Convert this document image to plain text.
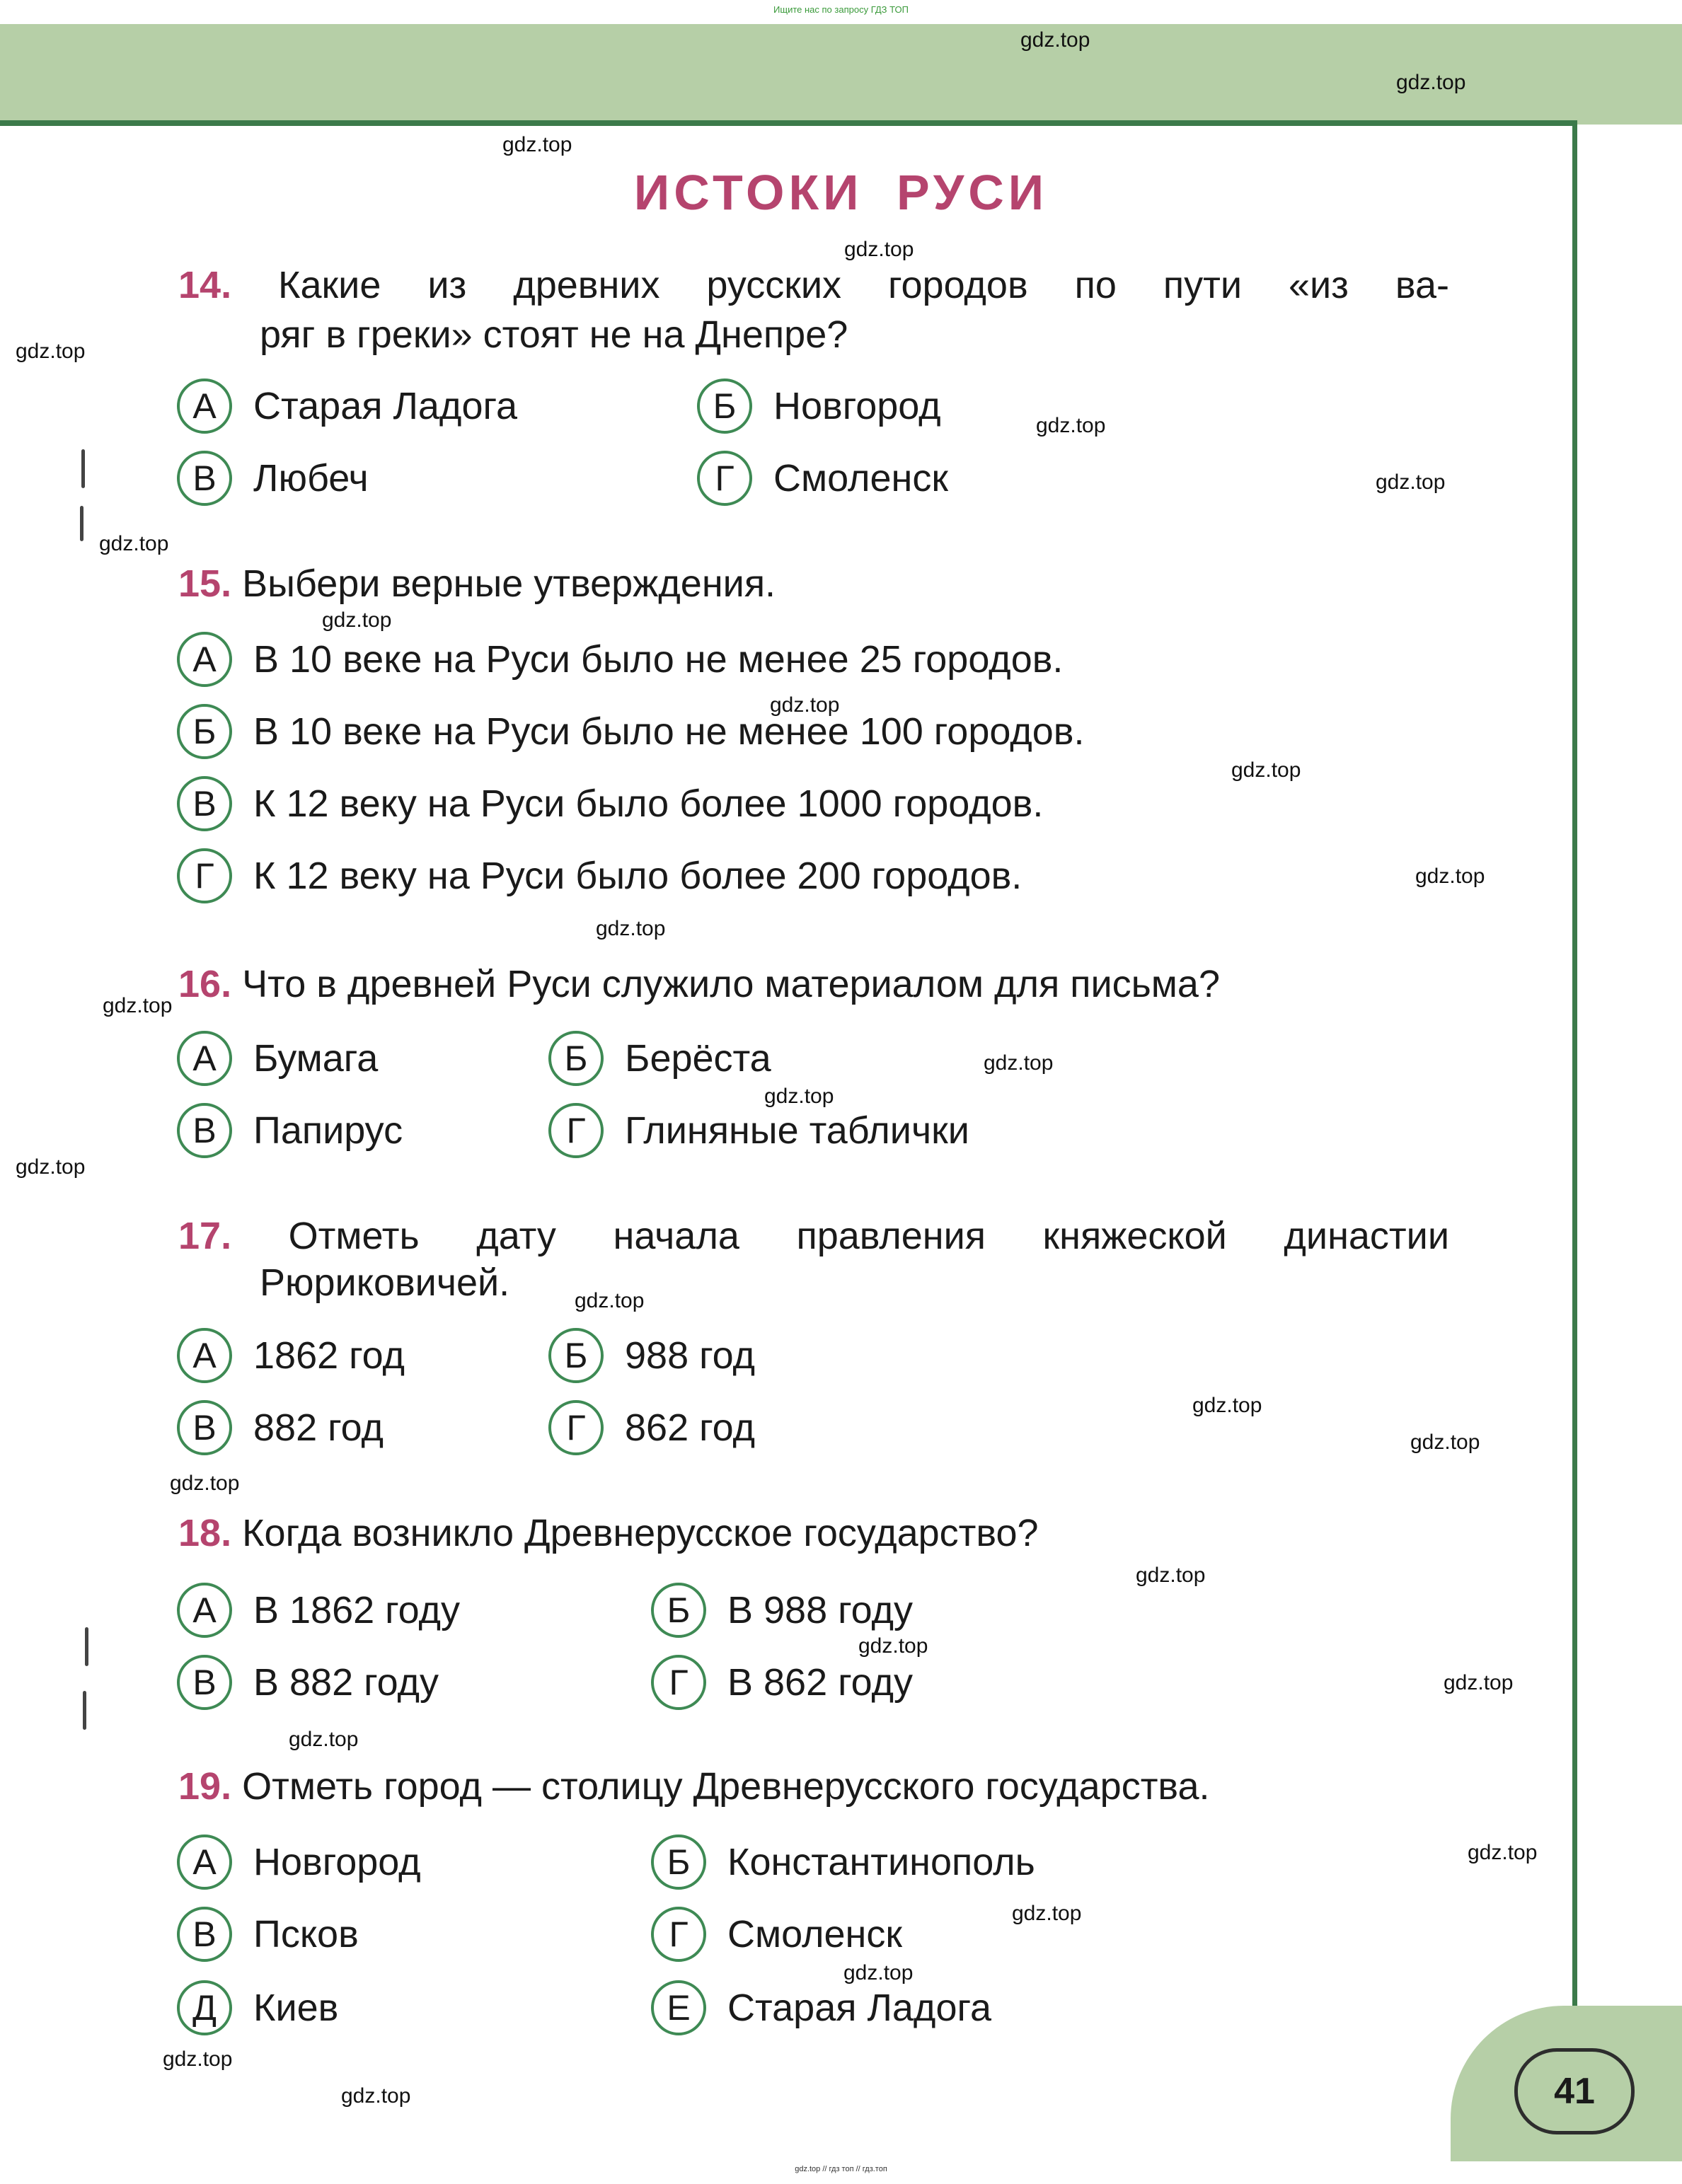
Ищите нас по запросу ГДЗ ТОП
ИСТОКИ РУСИ
14. Какие из древних русских городов по пути «из ва-
ряг в греки» стоят не на Днепре?
А Старая Ладога	Б Новгород
В Любеч	Г	Смоленск
15. Выбери верные утверждения.
А В 10 веке на Руси было не менее 25 городов.
Б В 10 веке на Руси было не менее 100 городов.
В К 12 веку на Руси было более 1000 городов.
Г	К 12 веку на Руси было более 200 городов.
16. Что в древней Руси служило материалом для письма?
А Бумага	Б Берёста
В Папирус	Г	Глиняные таблички
17. Отметь дату начала правления княжеской династии
Рюриковичей.
А 1862 год	Б 988 год
В 882 год	Г	862 год
18. Когда возникло Древнерусское государство?
А В 1862 году	Б В 988 году
В В 882 году	Г	В 862 году
19. Отметь город — столицу Древнерусского государства.
А Новгород	Б Константинополь
В Псков	Г	Смоленск
Д Киев	Е Старая Ладога
41
gdz.top
gdz.top
gdz.top
gdz.top
gdz.top
gdz.top
gdz.top
gdz.top
gdz.top
gdz.top
gdz.top
gdz.top
gdz.top
gdz.top
gdz.top
gdz.top
gdz.top
gdz.top
gdz.top
gdz.top
gdz.top
gdz.top
gdz.top
gdz.top
gdz.top
gdz.top
gdz.top
gdz.top
gdz.top
gdz.top
gdz.top // гдз топ // гдз.топ
